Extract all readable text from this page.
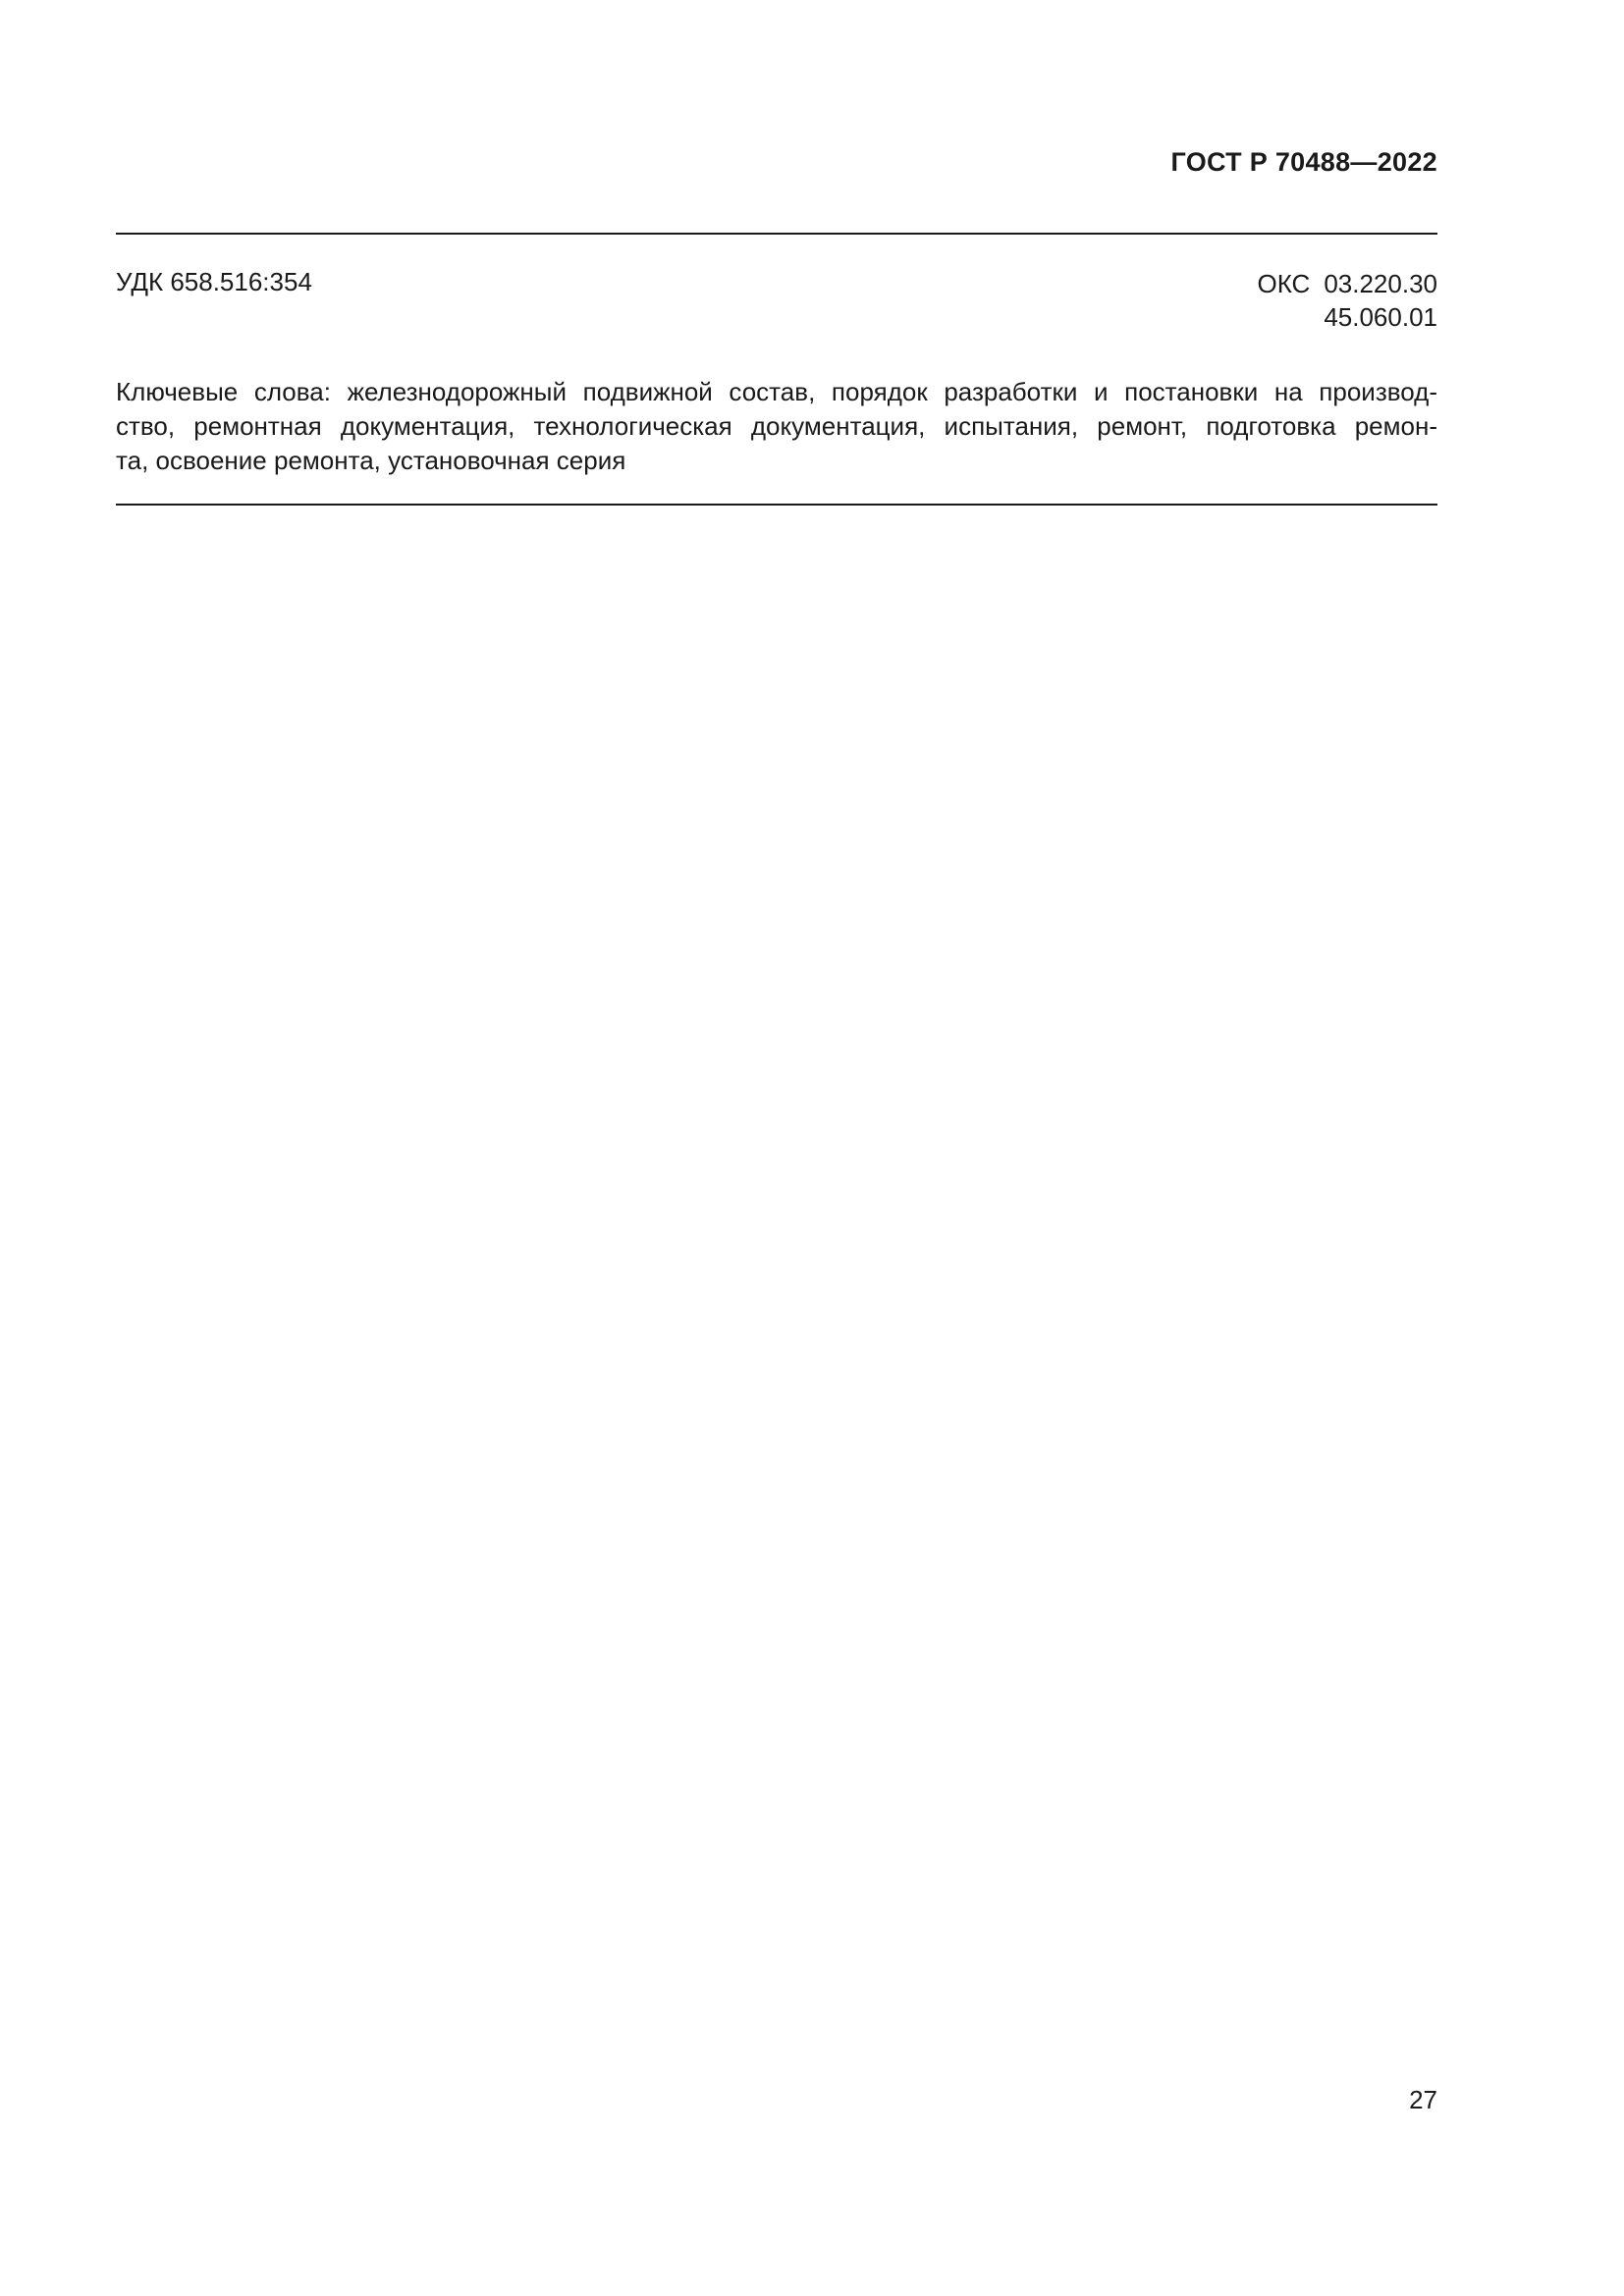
ГОСТ Р 70488—2022
УДК 658.516:354	ОКС 03.220.30
45.060.01
Ключевые слова: железнодорожный подвижной состав, порядок разработки и постановки на производ-
ство, ремонтная документация, технологическая документация, испытания, ремонт, подготовка ремон-
та, освоение ремонта, установочная серия
27
